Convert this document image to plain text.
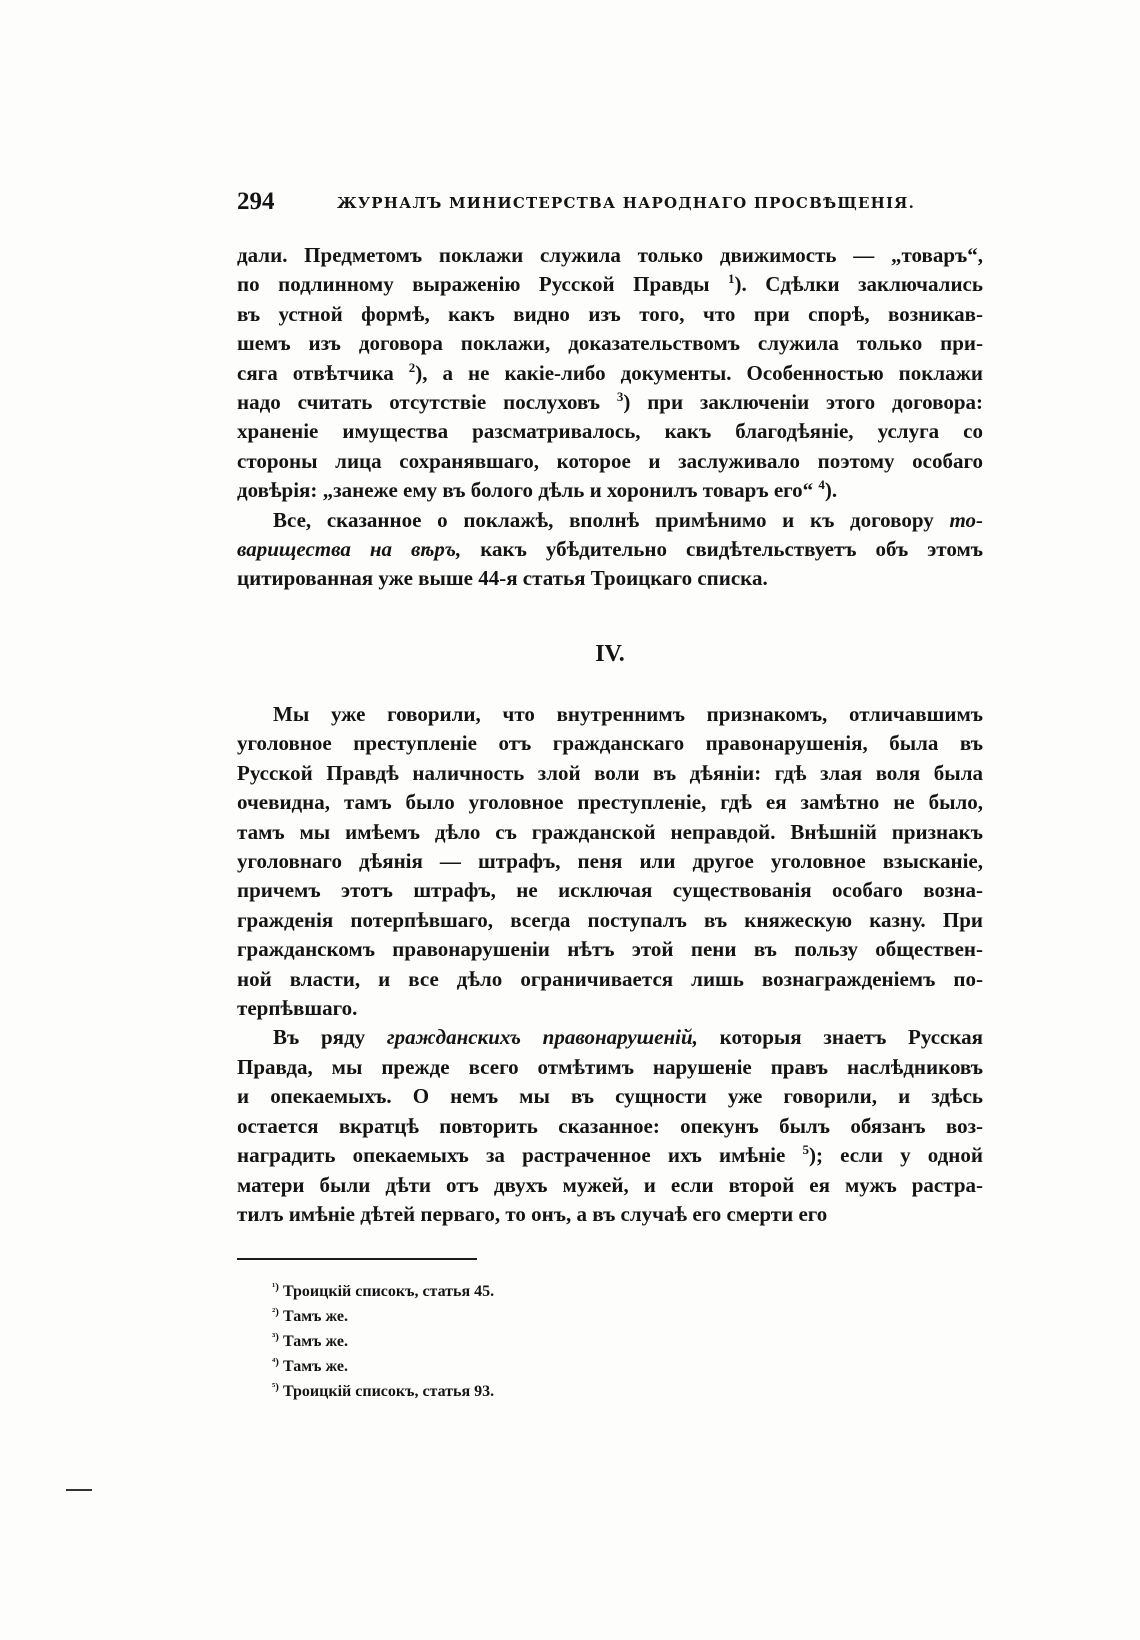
294	ЖУРНАЛЪ МИНИСТЕРСТВА НАРОДНАГО ПРОСВѢЩЕНІЯ.

дали. Предметомъ поклажи служила только движимость — „товаръ“,
по подлинному выраженію Русской Правды $^1$). Сдѣлки заключались
въ устной формѣ, какъ видно изъ того, что при спорѣ, возникав-
шемъ изъ договора поклажи, доказательствомъ служила только при-
сяга отвѣтчика $^2$), а не какіе-либо документы. Особенностью поклажи
надо считать отсутствіе послуховъ $^3$) при заключеніи этого договора:
храненіе имущества разсматривалось, какъ благодѣяніе, услуга со
стороны лица сохранявшаго, которое и заслуживало поэтому особаго
довѣрія: „занеже ему въ болого дѣль и хоронилъ товаръ его“ $^4$).

Все, сказанное о поклажѣ, вполнѣ примѣнимо и къ договору то-
варищества на вѣръ, какъ убѣдительно свидѣтельствуетъ объ этомъ
цитированная уже выше 44-я статья Троицкаго списка.

IV.

Мы уже говорили, что внутреннимъ признакомъ, отличавшимъ
уголовное преступленіе отъ гражданскаго правонарушенія, была въ
Русской Правдѣ наличность злой воли въ дѣяніи: гдѣ злая воля была
очевидна, тамъ было уголовное преступленіе, гдѣ ея замѣтно не было,
тамъ мы имѣемъ дѣло съ гражданской неправдой. Внѣшній признакъ
уголовнаго дѣянія — штрафъ, пеня или другое уголовное взысканіе,
причемъ этотъ штрафъ, не исключая существованія особаго возна-
гражденія потерпѣвшаго, всегда поступалъ въ княжескую казну. При
гражданскомъ правонарушеніи нѣтъ этой пени въ пользу обществен-
ной власти, и все дѣло ограничивается лишь вознагражденіемъ по-
терпѣвшаго.

Въ ряду гражданскихъ правонарушеній, которыя знаетъ Русская
Правда, мы прежде всего отмѣтимъ нарушеніе правъ наслѣдниковъ
и опекаемыхъ. О немъ мы въ сущности уже говорили, и здѣсь
остается вкратцѣ повторить сказанное: опекунъ былъ обязанъ воз-
наградить опекаемыхъ за растраченное ихъ имѣніе $^5$); если у одной
матери были дѣти отъ двухъ мужей, и если второй ея мужъ растра-
тилъ имѣніе дѣтей перваго, то онъ, а въ случаѣ его смерти его

$^{^1)}$ Троицкій списокъ, статья 45.
$^{^2)}$ Тамъ же.
$^{^3)}$ Тамъ же.
$^{^4)}$ Тамъ же.
$^{^5)}$ Троицкій списокъ, статья 93.
